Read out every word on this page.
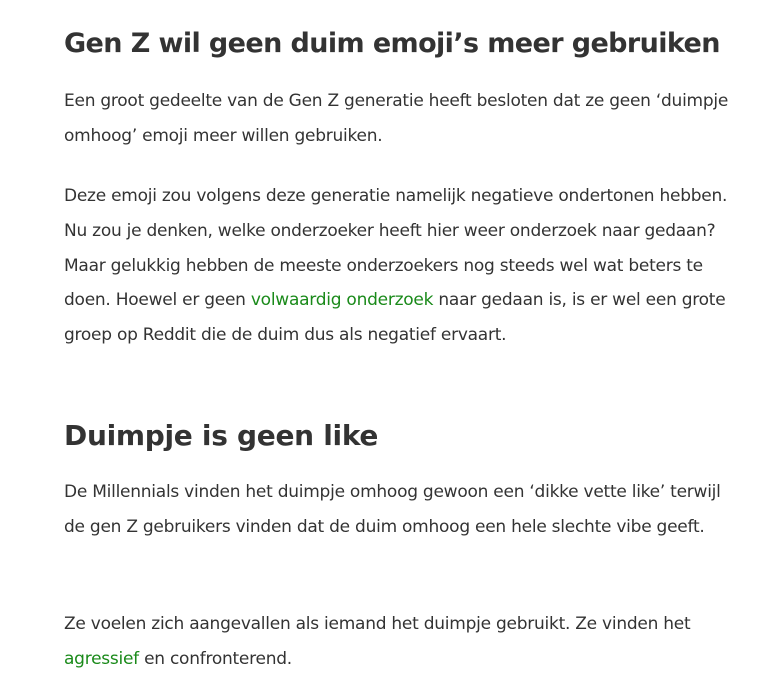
Gen Z wil geen duim emoji’s meer gebruiken

Een groot gedeelte van de Gen Z generatie heeft besloten dat ze geen ‘duimpje omhoog’ emoji meer willen gebruiken.

Deze emoji zou volgens deze generatie namelijk negatieve ondertonen hebben. Nu zou je denken, welke onderzoeker heeft hier weer onderzoek naar gedaan? Maar gelukkig hebben de meeste onderzoekers nog steeds wel wat beters te doen. Hoewel er geen volwaardig onderzoek naar gedaan is, is er wel een grote groep op Reddit die de duim dus als negatief ervaart.

Duimpje is geen like

De Millennials vinden het duimpje omhoog gewoon een ‘dikke vette like’ terwijl de gen Z gebruikers vinden dat de duim omhoog een hele slechte vibe geeft.

Ze voelen zich aangevallen als iemand het duimpje gebruikt. Ze vinden het agressief en confronterend.
